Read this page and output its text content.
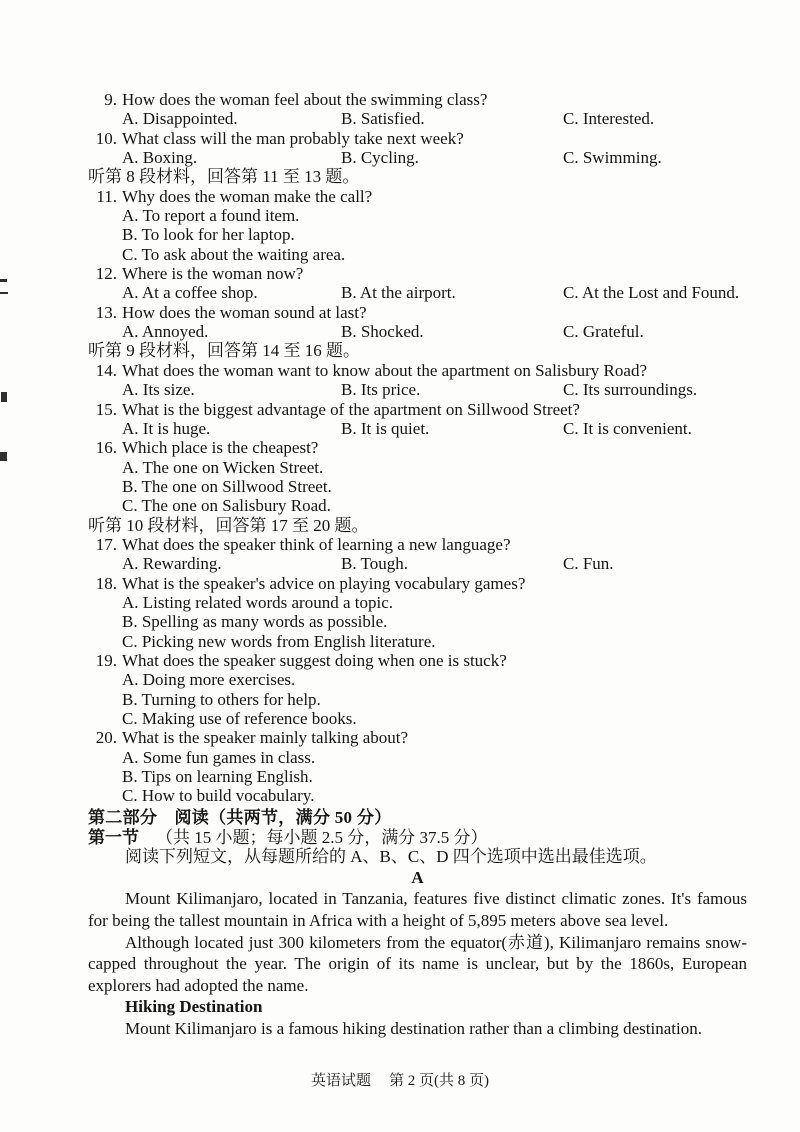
9. How does the woman feel about the swimming class?
A. Disappointed.	B. Satisfied.	C. Interested.
10. What class will the man probably take next week?
A. Boxing.	B. Cycling.	C. Swimming.
听第 8 段材料，回答第 11 至 13 题。
11. Why does the woman make the call?
A. To report a found item.
B. To look for her laptop.
C. To ask about the waiting area.
12. Where is the woman now?
A. At a coffee shop.	B. At the airport.	C. At the Lost and Found.
13. How does the woman sound at last?
A. Annoyed.	B. Shocked.	C. Grateful.
听第 9 段材料，回答第 14 至 16 题。
14. What does the woman want to know about the apartment on Salisbury Road?
A. Its size.	B. Its price.	C. Its surroundings.
15. What is the biggest advantage of the apartment on Sillwood Street?
A. It is huge.	B. It is quiet.	C. It is convenient.
16. Which place is the cheapest?
A. The one on Wicken Street.
B. The one on Sillwood Street.
C. The one on Salisbury Road.
听第 10 段材料，回答第 17 至 20 题。
17. What does the speaker think of learning a new language?
A. Rewarding.	B. Tough.	C. Fun.
18. What is the speaker's advice on playing vocabulary games?
A. Listing related words around a topic.
B. Spelling as many words as possible.
C. Picking new words from English literature.
19. What does the speaker suggest doing when one is stuck?
A. Doing more exercises.
B. Turning to others for help.
C. Making use of reference books.
20. What is the speaker mainly talking about?
A. Some fun games in class.
B. Tips on learning English.
C. How to build vocabulary.
第二部分　阅读（共两节，满分 50 分）
第一节 （共 15 小题；每小题 2.5 分，满分 37.5 分）
阅读下列短文，从每题所给的 A、B、C、D 四个选项中选出最佳选项。
A
Mount Kilimanjaro, located in Tanzania, features five distinct climatic zones. It's famous for being the tallest mountain in Africa with a height of 5,895 meters above sea level.
Although located just 300 kilometers from the equator(赤道), Kilimanjaro remains snow-capped throughout the year. The origin of its name is unclear, but by the 1860s, European explorers had adopted the name.
Hiking Destination
Mount Kilimanjaro is a famous hiking destination rather than a climbing destination.
英语试题 第 2 页(共 8 页)
